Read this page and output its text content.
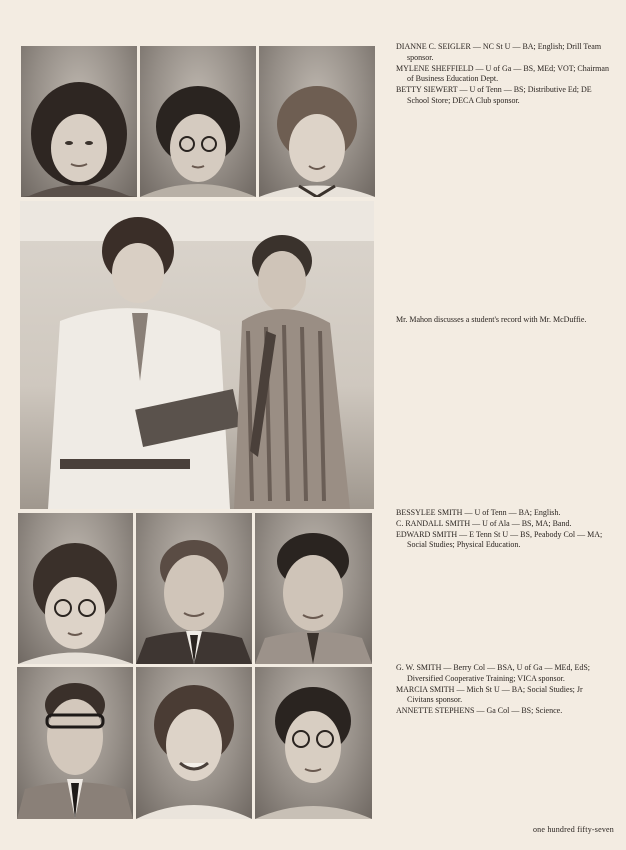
DIANNE C. SEIGLER — NC St U — BA; English; Drill Team sponsor.

MYLENE SHEFFIELD — U of Ga — BS, MEd; VOT; Chairman of Business Education Dept.

BETTY SIEWERT — U of Tenn — BS; Distributive Ed; DE School Store; DECA Club sponsor.

Mr. Mahon discusses a student's record with Mr. McDuffie.

BESSYLEE SMITH — U of Tenn — BA; English.

C. RANDALL SMITH — U of Ala — BS, MA; Band.

EDWARD SMITH — E Tenn St U — BS, Peabody Col — MA; Social Studies; Physical Education.

G. W. SMITH — Berry Col — BSA, U of Ga — MEd, EdS; Diversified Cooperative Training; VICA sponsor.

MARCIA SMITH — Mich St U — BA; Social Studies; Jr Civitans sponsor.

ANNETTE STEPHENS — Ga Col — BS; Science.

one hundred fifty-seven
